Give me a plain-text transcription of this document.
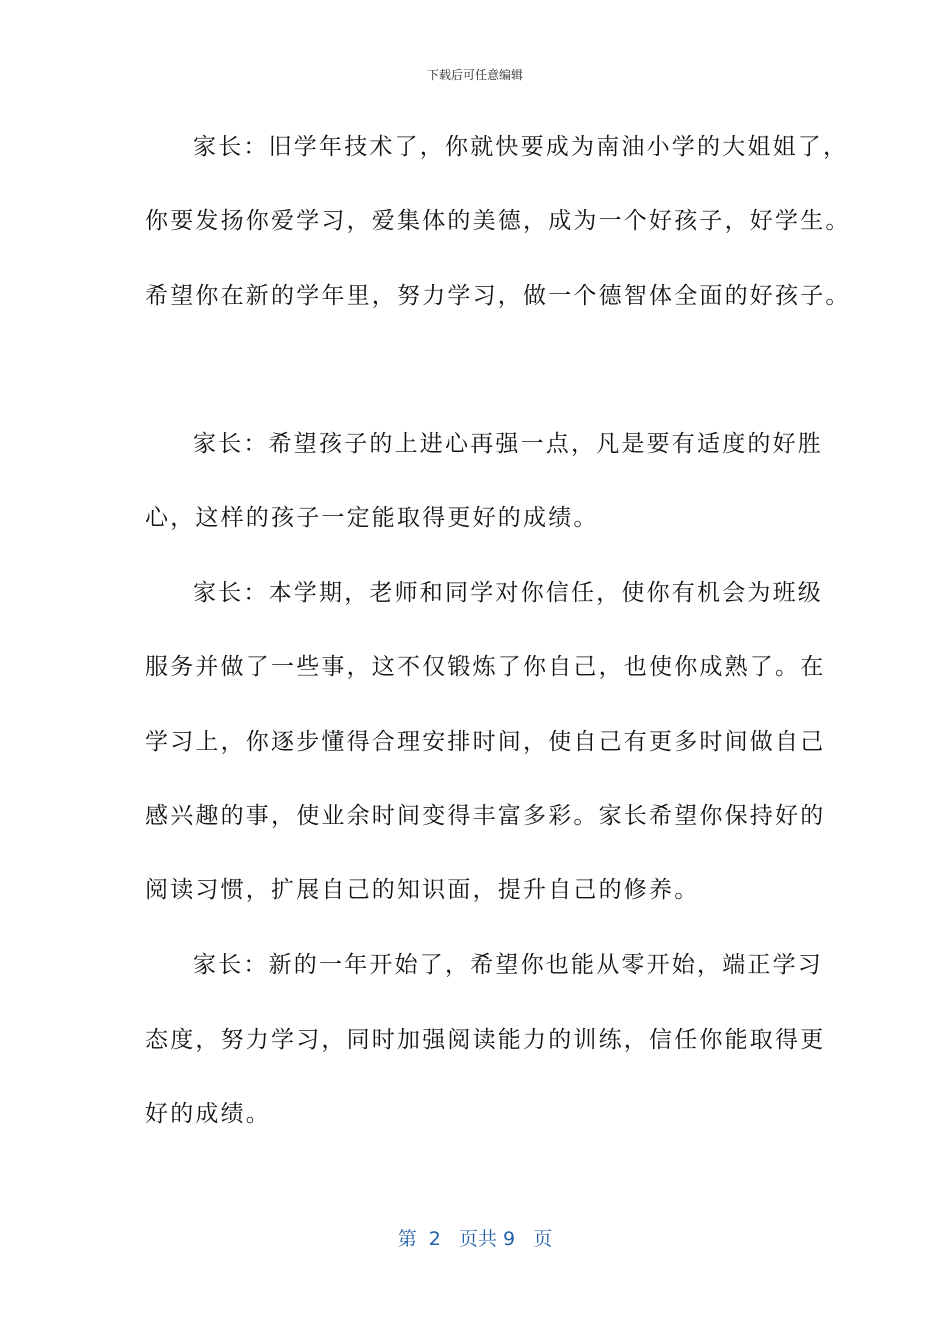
下载后可任意编辑
家长：旧学年技术了，你就快要成为南油小学的大姐姐了，
你要发扬你爱学习，爱集体的美德，成为一个好孩子，好学生。
希望你在新的学年里，努力学习，做一个德智体全面的好孩子。
家长：希望孩子的上进心再强一点，凡是要有适度的好胜
心，这样的孩子一定能取得更好的成绩。
家长：本学期，老师和同学对你信任，使你有机会为班级
服务并做了一些事，这不仅锻炼了你自己，也使你成熟了。在
学习上，你逐步懂得合理安排时间，使自己有更多时间做自己
感兴趣的事，使业余时间变得丰富多彩。家长希望你保持好的
阅读习惯，扩展自己的知识面，提升自己的修养。
家长：新的一年开始了，希望你也能从零开始，端正学习
态度，努力学习，同时加强阅读能力的训练，信任你能取得更
好的成绩。
第  2   页共 9   页
